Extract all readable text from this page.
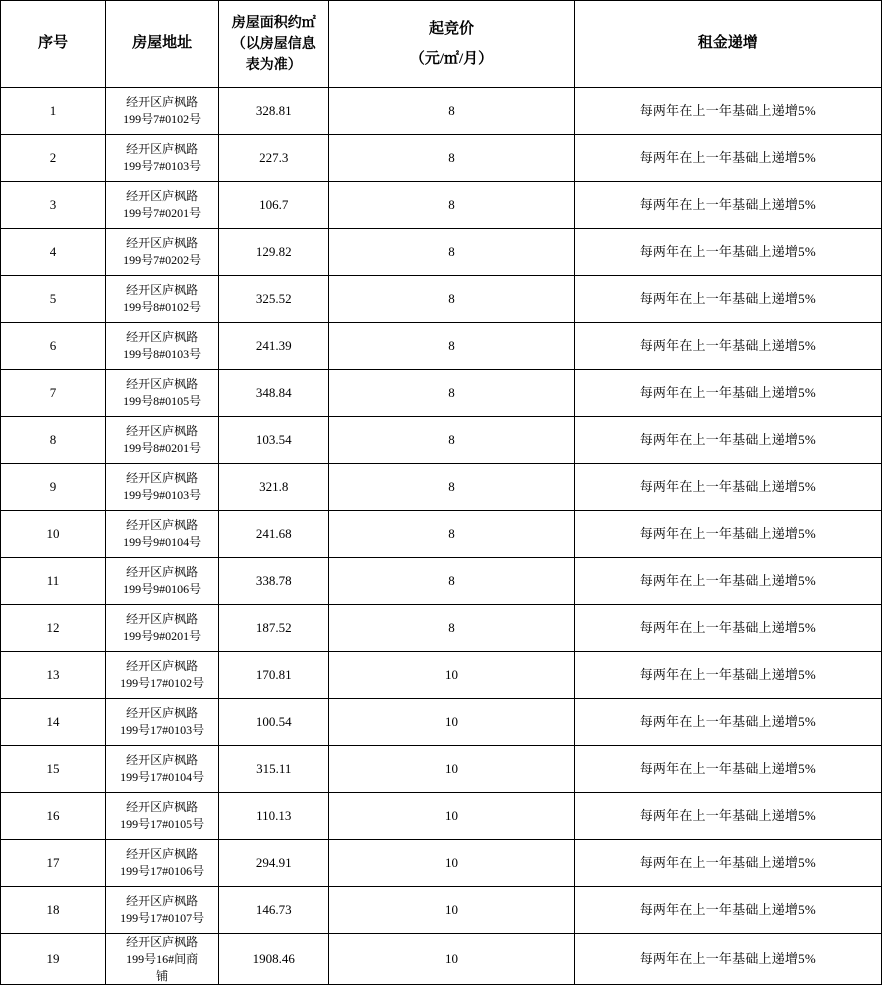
序号	房屋地址	房屋面积约㎡
（以房屋信息
表为准）	起竞价
（元/㎡/月）	租金递增
1	经开区庐枫路
199号7#0102号	328.81	8	每两年在上一年基础上递增5%
2	经开区庐枫路
199号7#0103号	227.3	8	每两年在上一年基础上递增5%
3	经开区庐枫路
199号7#0201号	106.7	8	每两年在上一年基础上递增5%
4	经开区庐枫路
199号7#0202号	129.82	8	每两年在上一年基础上递增5%
5	经开区庐枫路
199号8#0102号	325.52	8	每两年在上一年基础上递增5%
6	经开区庐枫路
199号8#0103号	241.39	8	每两年在上一年基础上递增5%
7	经开区庐枫路
199号8#0105号	348.84	8	每两年在上一年基础上递增5%
8	经开区庐枫路
199号8#0201号	103.54	8	每两年在上一年基础上递增5%
9	经开区庐枫路
199号9#0103号	321.8	8	每两年在上一年基础上递增5%
10	经开区庐枫路
199号9#0104号	241.68	8	每两年在上一年基础上递增5%
11	经开区庐枫路
199号9#0106号	338.78	8	每两年在上一年基础上递增5%
12	经开区庐枫路
199号9#0201号	187.52	8	每两年在上一年基础上递增5%
13	经开区庐枫路
199号17#0102号	170.81	10	每两年在上一年基础上递增5%
14	经开区庐枫路
199号17#0103号	100.54	10	每两年在上一年基础上递增5%
15	经开区庐枫路
199号17#0104号	315.11	10	每两年在上一年基础上递增5%
16	经开区庐枫路
199号17#0105号	110.13	10	每两年在上一年基础上递增5%
17	经开区庐枫路
199号17#0106号	294.91	10	每两年在上一年基础上递增5%
18	经开区庐枫路
199号17#0107号	146.73	10	每两年在上一年基础上递增5%
19	经开区庐枫路
199号16#间商
铺	1908.46	10	每两年在上一年基础上递增5%
